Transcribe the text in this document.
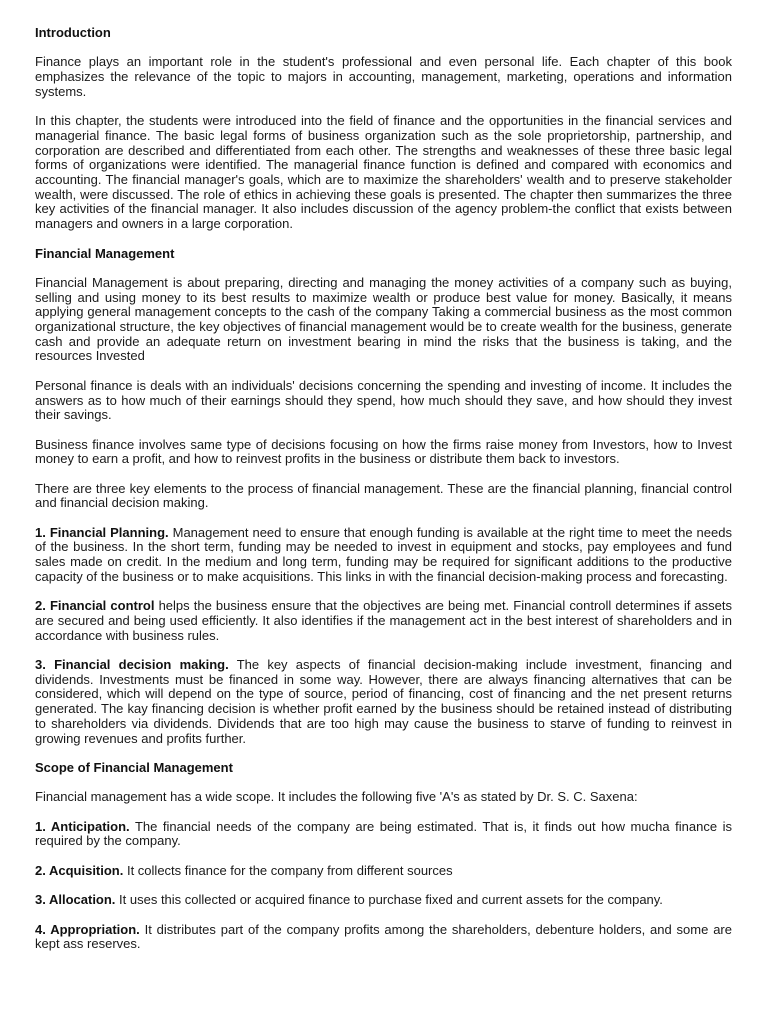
Introduction

Finance plays an important role in the student's professional and even personal life. Each chapter of this book emphasizes the relevance of the topic to majors in accounting, management, marketing, operations and information systems.

In this chapter, the students were introduced into the field of finance and the opportunities in the financial services and managerial finance. The basic legal forms of business organization such as the sole proprietorship, partnership, and corporation are described and differentiated from each other. The strengths and weaknesses of these three basic legal forms of organizations were identified. The managerial finance function is defined and compared with economics and accounting. The financial manager's goals, which are to maximize the shareholders' wealth and to preserve stakeholder wealth, were discussed. The role of ethics in achieving these goals is presented. The chapter then summarizes the three key activities of the financial manager. It also includes discussion of the agency problem-the conflict that exists between managers and owners in a large corporation.

Financial Management

Financial Management is about preparing, directing and managing the money activities of a company such as buying, selling and using money to its best results to maximize wealth or produce best value for money. Basically, it means applying general management concepts to the cash of the company Taking a commercial business as the most common organizational structure, the key objectives of financial management would be to create wealth for the business, generate cash and provide an adequate return on investment bearing in mind the risks that the business is taking, and the resources Invested

Personal finance is deals with an individuals' decisions concerning the spending and investing of income. It includes the answers as to how much of their earnings should they spend, how much should they save, and how should they invest their savings.

Business finance involves same type of decisions focusing on how the firms raise money from Investors, how to Invest money to earn a profit, and how to reinvest profits in the business or distribute them back to investors.

There are three key elements to the process of financial management. These are the financial planning, financial control and financial decision making.

1. Financial Planning. Management need to ensure that enough funding is available at the right time to meet the needs of the business. In the short term, funding may be needed to invest in equipment and stocks, pay employees and fund sales made on credit. In the medium and long term, funding may be required for significant additions to the productive capacity of the business or to make acquisitions. This links in with the financial decision-making process and forecasting.

2. Financial control helps the business ensure that the objectives are being met. Financial controll determines if assets are secured and being used efficiently. It also identifies if the management act in the best interest of shareholders and in accordance with business rules.

3. Financial decision making. The key aspects of financial decision-making include investment, financing and dividends. Investments must be financed in some way. However, there are always financing alternatives that can be considered, which will depend on the type of source, period of financing, cost of financing and the net present returns generated. The kay financing decision is whether profit earned by the business should be retained instead of distributing to shareholders via dividends. Dividends that are too high may cause the business to starve of funding to reinvest in growing revenues and profits further.

Scope of Financial Management

Financial management has a wide scope. It includes the following five 'A's as stated by Dr. S. C. Saxena:

1. Anticipation. The financial needs of the company are being estimated. That is, it finds out how mucha finance is required by the company.

2. Acquisition. It collects finance for the company from different sources

3. Allocation. It uses this collected or acquired finance to purchase fixed and current assets for the company.

4. Appropriation. It distributes part of the company profits among the shareholders, debenture holders, and some are kept ass reserves.
